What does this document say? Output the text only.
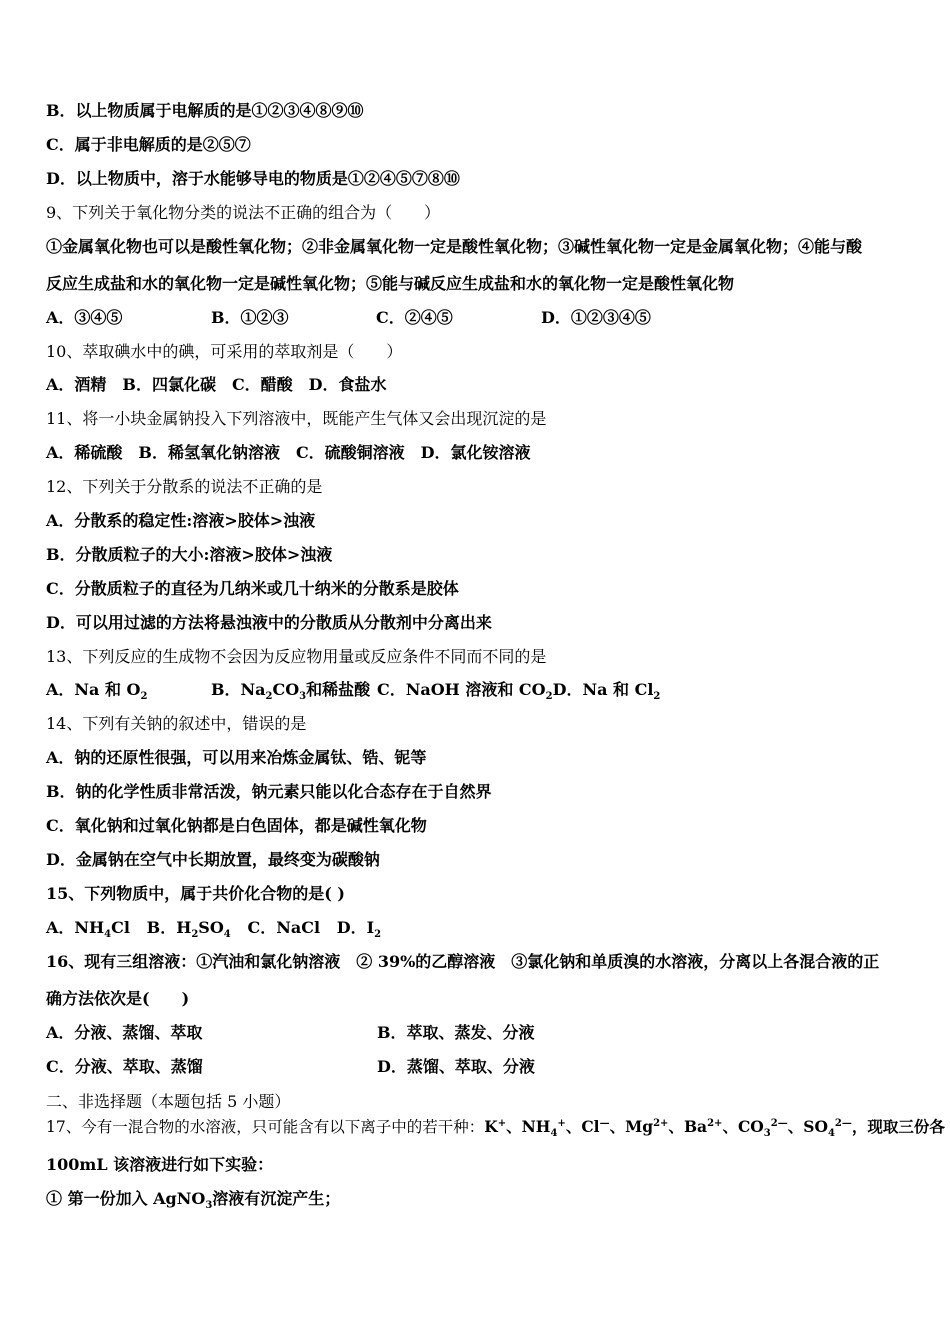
B．以上物质属于电解质的是①②③④⑧⑨⑩
C．属于非电解质的是②⑤⑦
D．以上物质中，溶于水能够导电的物质是①②④⑤⑦⑧⑩
9、下列关于氧化物分类的说法不正确的组合为（　　）
①金属氧化物也可以是酸性氧化物；②非金属氧化物一定是酸性氧化物；③碱性氧化物一定是金属氧化物；④能与酸
反应生成盐和水的氧化物一定是碱性氧化物；⑤能与碱反应生成盐和水的氧化物一定是酸性氧化物
A．③④⑤	B．①②③	C．②④⑤	D．①②③④⑤
10、萃取碘水中的碘，可采用的萃取剂是（　　）
A．酒精　B．四氯化碳　C．醋酸　D．食盐水
11、将一小块金属钠投入下列溶液中，既能产生气体又会出现沉淀的是
A．稀硫酸　B．稀氢氧化钠溶液　C．硫酸铜溶液　D．氯化铵溶液
12、下列关于分散系的说法不正确的是
A．分散系的稳定性:溶液>胶体>浊液
B．分散质粒子的大小:溶液>胶体>浊液
C．分散质粒子的直径为几纳米或几十纳米的分散系是胶体
D．可以用过滤的方法将悬浊液中的分散质从分散剂中分离出来
13、下列反应的生成物不会因为反应物用量或反应条件不同而不同的是
A．Na 和 $O_2$	B．$Na_2CO_3$和稀盐酸 C．NaOH 溶液和 $CO_2D$．Na 和 $Cl_2$
14、下列有关钠的叙述中，错误的是
A．钠的还原性很强，可以用来冶炼金属钛、锆、铌等
B．钠的化学性质非常活泼，钠元素只能以化合态存在于自然界
C．氧化钠和过氧化钠都是白色固体，都是碱性氧化物
D．金属钠在空气中长期放置，最终变为碳酸钠
15、下列物质中，属于共价化合物的是( )
A．$NH_4Cl$ B．$H_2SO_4$ C．NaCl D．$I_2$
16、现有三组溶液：①汽油和氯化钠溶液　② 39%的乙醇溶液　③氯化钠和单质溴的水溶液，分离以上各混合液的正
确方法依次是(　　)
A．分液、蒸馏、萃取	B．萃取、蒸发、分液
C．分液、萃取、蒸馏	D．蒸馏、萃取、分液
二、非选择题（本题包括 5 小题）
17、今有一混合物的水溶液，只可能含有以下离子中的若干种：K+、$NH_4^+$、Cl—、$Mg^{2+}$、$Ba^{2+}$、$CO_3^{2—}$、$SO_4^{2—}$，现取三份各
100mL 该溶液进行如下实验：
① 第一份加入 AgNO$_3$溶液有沉淀产生；
